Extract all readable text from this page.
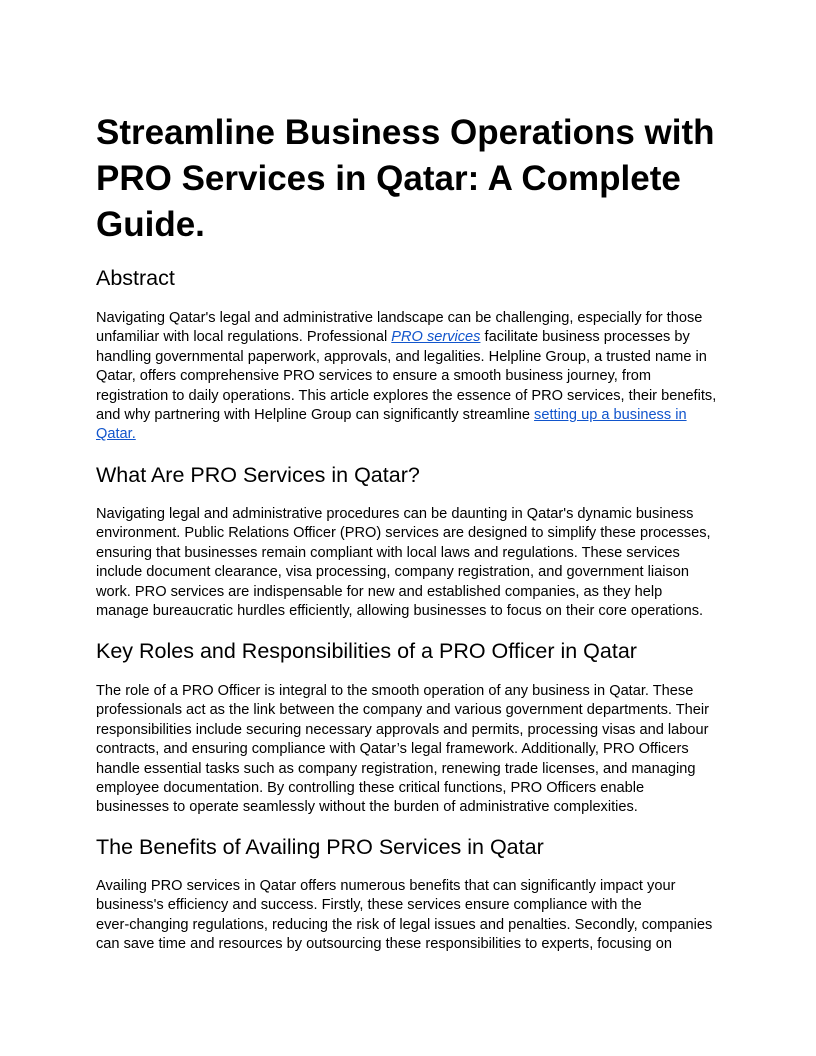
Streamline Business Operations with
PRO Services in Qatar: A Complete
Guide.
Abstract
Navigating Qatar's legal and administrative landscape can be challenging, especially for those
unfamiliar with local regulations. Professional PRO services facilitate business processes by
handling governmental paperwork, approvals, and legalities. Helpline Group, a trusted name in
Qatar, offers comprehensive PRO services to ensure a smooth business journey, from
registration to daily operations. This article explores the essence of PRO services, their benefits,
and why partnering with Helpline Group can significantly streamline setting up a business in
Qatar.
What Are PRO Services in Qatar?
Navigating legal and administrative procedures can be daunting in Qatar's dynamic business
environment. Public Relations Officer (PRO) services are designed to simplify these processes,
ensuring that businesses remain compliant with local laws and regulations. These services
include document clearance, visa processing, company registration, and government liaison
work. PRO services are indispensable for new and established companies, as they help
manage bureaucratic hurdles efficiently, allowing businesses to focus on their core operations.
Key Roles and Responsibilities of a PRO Officer in Qatar
The role of a PRO Officer is integral to the smooth operation of any business in Qatar. These
professionals act as the link between the company and various government departments. Their
responsibilities include securing necessary approvals and permits, processing visas and labour
contracts, and ensuring compliance with Qatar’s legal framework. Additionally, PRO Officers
handle essential tasks such as company registration, renewing trade licenses, and managing
employee documentation. By controlling these critical functions, PRO Officers enable
businesses to operate seamlessly without the burden of administrative complexities.
The Benefits of Availing PRO Services in Qatar
Availing PRO services in Qatar offers numerous benefits that can significantly impact your
business's efficiency and success. Firstly, these services ensure compliance with the
ever-changing regulations, reducing the risk of legal issues and penalties. Secondly, companies
can save time and resources by outsourcing these responsibilities to experts, focusing on
